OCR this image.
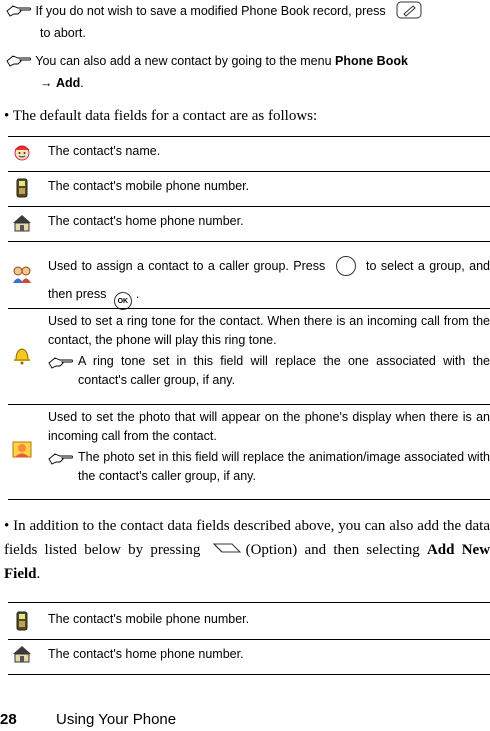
If you do not wish to save a modified Phone Book record, press
to abort.
You can also add a new contact by going to the menu Phone Book
→ Add.
• The default data fields for a contact are as follows:
The contact's name.
The contact's mobile phone number.
The contact's home phone number.
Used to assign a contact to a caller group. Press	to select a group, and then press OK.
Used to set a ring tone for the contact. When there is an incoming call from the contact, the phone will play this ring tone.
A ring tone set in this field will replace the one associated with the contact's caller group, if any.
Used to set the photo that will appear on the phone's display when there is an incoming call from the contact.
The photo set in this field will replace the animation/image associated with the contact's caller group, if any.
• In addition to the contact data fields described above, you can also add the data fields listed below by pressing	(Option) and then selecting Add New Field.
The contact's mobile phone number.
The contact's home phone number.
28	Using Your Phone
